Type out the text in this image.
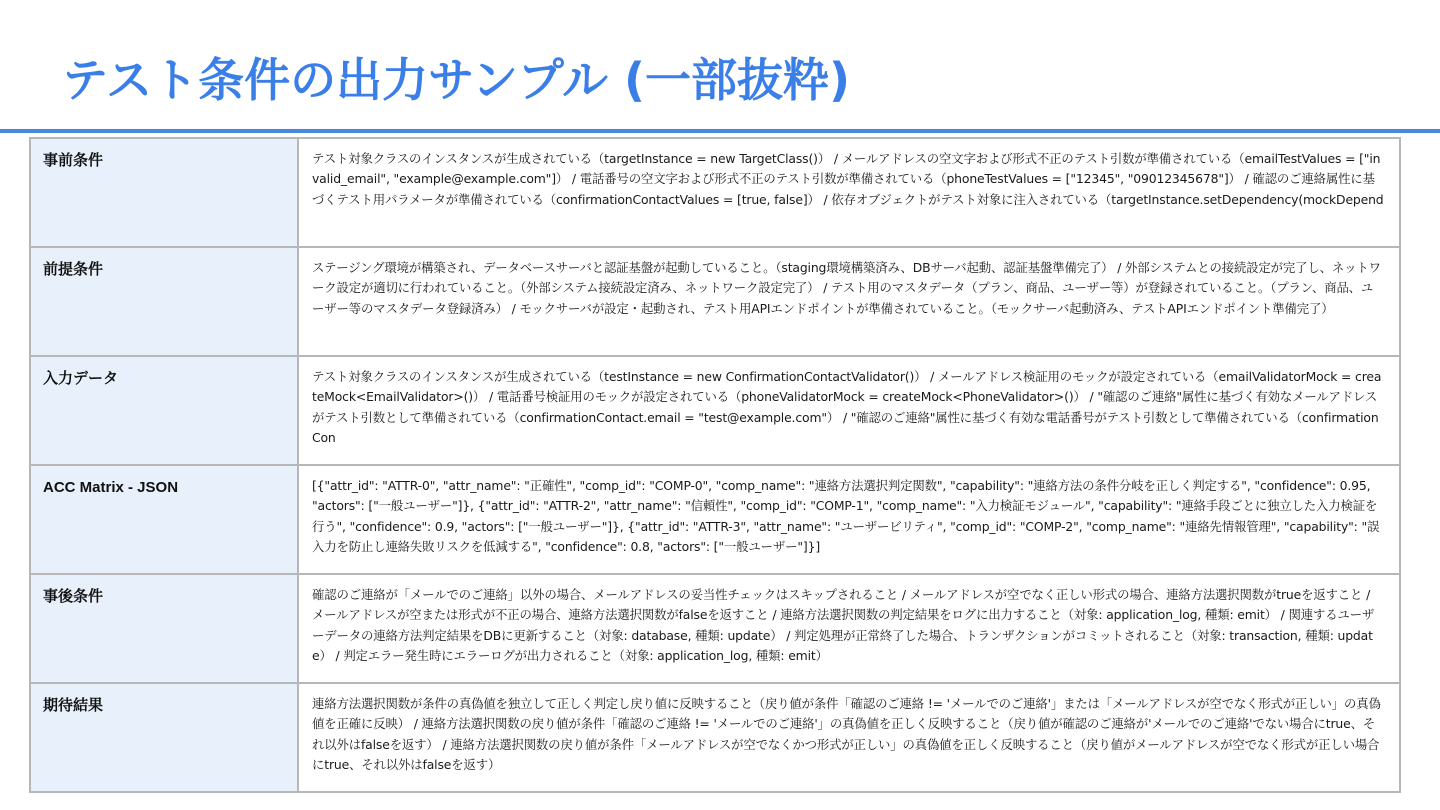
テスト条件の出力サンプル (一部抜粋)
事前条件	テスト対象クラスのインスタンスが生成されている（targetInstance = new TargetClass()） / メールアドレスの空文字および形式不正のテスト引数が準備されている（emailTestValues = ["invalid_email", "example@example.com"]） / 電話番号の空文字および形式不正のテスト引数が準備されている（phoneTestValues = ["12345", "09012345678"]） / 確認のご連絡属性に基づくテスト用パラメータが準備されている（confirmationContactValues = [true, false]） / 依存オブジェクトがテスト対象に注入されている（targetInstance.setDependency(mockDepend
前提条件	ステージング環境が構築され、データベースサーバと認証基盤が起動していること。（staging環境構築済み、DBサーバ起動、認証基盤準備完了） / 外部システムとの接続設定が完了し、ネットワーク設定が適切に行われていること。（外部システム接続設定済み、ネットワーク設定完了） / テスト用のマスタデータ（プラン、商品、ユーザー等）が登録されていること。（プラン、商品、ユーザー等のマスタデータ登録済み） / モックサーバが設定・起動され、テスト用APIエンドポイントが準備されていること。（モックサーバ起動済み、テストAPIエンドポイント準備完了）
入力データ	テスト対象クラスのインスタンスが生成されている（testInstance = new ConfirmationContactValidator()） / メールアドレス検証用のモックが設定されている（emailValidatorMock = createMock<EmailValidator>()） / 電話番号検証用のモックが設定されている（phoneValidatorMock = createMock<PhoneValidator>()） / "確認のご連絡"属性に基づく有効なメールアドレスがテスト引数として準備されている（confirmationContact.email = "test@example.com"） / "確認のご連絡"属性に基づく有効な電話番号がテスト引数として準備されている（confirmationCon
ACC Matrix - JSON	[{"attr_id": "ATTR-0", "attr_name": "正確性", "comp_id": "COMP-0", "comp_name": "連絡方法選択判定関数", "capability": "連絡方法の条件分岐を正しく判定する", "confidence": 0.95, "actors": ["一般ユーザー"]}, {"attr_id": "ATTR-2", "attr_name": "信頼性", "comp_id": "COMP-1", "comp_name": "入力検証モジュール", "capability": "連絡手段ごとに独立した入力検証を行う", "confidence": 0.9, "actors": ["一般ユーザー"]}, {"attr_id": "ATTR-3", "attr_name": "ユーザービリティ", "comp_id": "COMP-2", "comp_name": "連絡先情報管理", "capability": "誤入力を防止し連絡失敗リスクを低減する", "confidence": 0.8, "actors": ["一般ユーザー"]}]
事後条件	確認のご連絡が「メールでのご連絡」以外の場合、メールアドレスの妥当性チェックはスキップされること / メールアドレスが空でなく正しい形式の場合、連絡方法選択関数がtrueを返すこと / メールアドレスが空または形式が不正の場合、連絡方法選択関数がfalseを返すこと / 連絡方法選択関数の判定結果をログに出力すること（対象: application_log, 種類: emit） / 関連するユーザーデータの連絡方法判定結果をDBに更新すること（対象: database, 種類: update） / 判定処理が正常終了した場合、トランザクションがコミットされること（対象: transaction, 種類: update） / 判定エラー発生時にエラーログが出力されること（対象: application_log, 種類: emit）
期待結果	連絡方法選択関数が条件の真偽値を独立して正しく判定し戻り値に反映すること（戻り値が条件「確認のご連絡 != 'メールでのご連絡'」または「メールアドレスが空でなく形式が正しい」の真偽値を正確に反映） / 連絡方法選択関数の戻り値が条件「確認のご連絡 != 'メールでのご連絡'」の真偽値を正しく反映すること（戻り値が確認のご連絡が'メールでのご連絡'でない場合にtrue、それ以外はfalseを返す） / 連絡方法選択関数の戻り値が条件「メールアドレスが空でなくかつ形式が正しい」の真偽値を正しく反映すること（戻り値がメールアドレスが空でなく形式が正しい場合にtrue、それ以外はfalseを返す）
